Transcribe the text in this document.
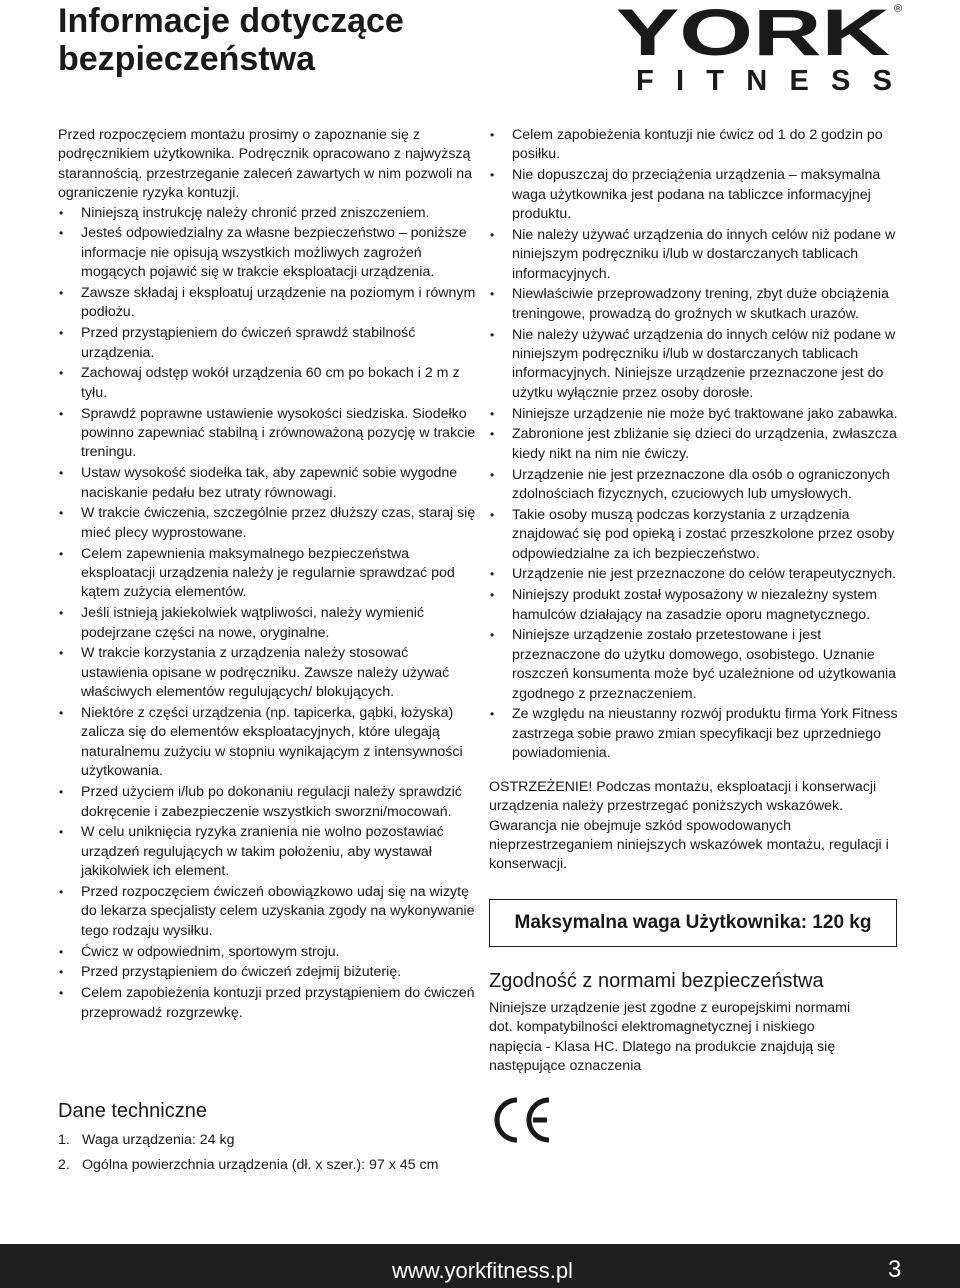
Informacje dotyczące
bezpieczeństwa	YORK ®
FITNESS

Przed rozpoczęciem montażu prosimy o zapoznanie się z podręcznikiem użytkownika. Podręcznik opracowano z najwyższą starannością. przestrzeganie zaleceń zawartych w nim pozwoli na ograniczenie ryzyka kontuzji.

• Niniejszą instrukcję należy chronić przed zniszczeniem.
• Jesteś odpowiedzialny za własne bezpieczeństwo – poniższe informacje nie opisują wszystkich możliwych zagrożeń mogących pojawić się w trakcie eksploatacji urządzenia.
• Zawsze składaj i eksploatuj urządzenie na poziomym i równym podłożu.
• Przed przystąpieniem do ćwiczeń sprawdź stabilność urządzenia.
• Zachowaj odstęp wokół urządzenia 60 cm po bokach i 2 m z tyłu.
• Sprawdź poprawne ustawienie wysokości siedziska. Siodełko powinno zapewniać stabilną i zrównoważoną pozycję w trakcie treningu.
• Ustaw wysokość siodełka tak, aby zapewnić sobie wygodne naciskanie pedału bez utraty równowagi.
• W trakcie ćwiczenia, szczególnie przez dłuższy czas, staraj się mieć plecy wyprostowane.
• Celem zapewnienia maksymalnego bezpieczeństwa eksploatacji urządzenia należy je regularnie sprawdzać pod kątem zużycia elementów.
• Jeśli istnieją jakiekolwiek wątpliwości, należy wymienić podejrzane części na nowe, oryginalne.
• W trakcie korzystania z urządzenia należy stosować ustawienia opisane w podręczniku. Zawsze należy używać właściwych elementów regulujących/ blokujących.
• Niektóre z części urządzenia (np. tapicerka, gąbki, łożyska) zalicza się do elementów eksploatacyjnych, które ulegają naturalnemu zużyciu w stopniu wynikającym z intensywności użytkowania.
• Przed użyciem i/lub po dokonaniu regulacji należy sprawdzić dokręcenie i zabezpieczenie wszystkich sworzni/mocowań.
• W celu uniknięcia ryzyka zranienia nie wolno pozostawiać urządzeń regulujących w takim położeniu, aby wystawał jakikolwiek ich element.
• Przed rozpoczęciem ćwiczeń obowiązkowo udaj się na wizytę do lekarza specjalisty celem uzyskania zgody na wykonywanie tego rodzaju wysiłku.
• Ćwicz w odpowiednim, sportowym stroju.
• Przed przystąpieniem do ćwiczeń zdejmij biżuterię.
• Celem zapobieżenia kontuzji przed przystąpieniem do ćwiczeń przeprowadź rozgrzewkę.
Dane techniczne
1. Waga urządzenia: 24 kg
2. Ogólna powierzchnia urządzenia (dł. x szer.): 97 x 45 cm
• Celem zapobieżenia kontuzji nie ćwicz od 1 do 2 godzin po posiłku.
• Nie dopuszczaj do przeciążenia urządzenia – maksymalna waga użytkownika jest podana na tabliczce informacyjnej produktu.
• Nie należy używać urządzenia do innych celów niż podane w niniejszym podręczniku i/lub w dostarczanych tablicach informacyjnych.
• Niewłaściwie przeprowadzony trening, zbyt duże obciążenia treningowe, prowadzą do groźnych w skutkach urazów.
• Nie należy używać urządzenia do innych celów niż podane w niniejszym podręczniku i/lub w dostarczanych tablicach informacyjnych. Niniejsze urządzenie przeznaczone jest do użytku wyłącznie przez osoby dorosłe.
• Niniejsze urządzenie nie może być traktowane jako zabawka.
• Zabronione jest zbliżanie się dzieci do urządzenia, zwłaszcza kiedy nikt na nim nie ćwiczy.
• Urządzenie nie jest przeznaczone dla osób o ograniczonych zdolnościach fizycznych, czuciowych lub umysłowych.
• Takie osoby muszą podczas korzystania z urządzenia znajdować się pod opieką i zostać przeszkolone przez osoby odpowiedzialne za ich bezpieczeństwo.
• Urządzenie nie jest przeznaczone do celów terapeutycznych.
• Niniejszy produkt został wyposażony w niezależny system hamulców działający na zasadzie oporu magnetycznego.
• Niniejsze urządzenie zostało przetestowane i jest przeznaczone do użytku domowego, osobistego. Uznanie roszczeń konsumenta może być uzależnione od użytkowania zgodnego z przeznaczeniem.
• Ze względu na nieustanny rozwój produktu firma York Fitness zastrzega sobie prawo zmian specyfikacji bez uprzedniego powiadomienia.

OSTRZEŻENIE! Podczas montażu, eksploatacji i konserwacji urządzenia należy przestrzegać poniższych wskazówek. Gwarancja nie obejmuje szkód spowodowanych nieprzestrzeganiem niniejszych wskazówek montażu, regulacji i konserwacji.

Maksymalna waga Użytkownika: 120 kg
Zgodność z normami bezpieczeństwa

Niniejsze urządzenie jest zgodne z europejskimi normami dot. kompatybilności elektromagnetycznej i niskiego napięcia - Klasa HC. Dlatego na produkcie znajdują się następujące oznaczenia

www.yorkfitness.pl	3
